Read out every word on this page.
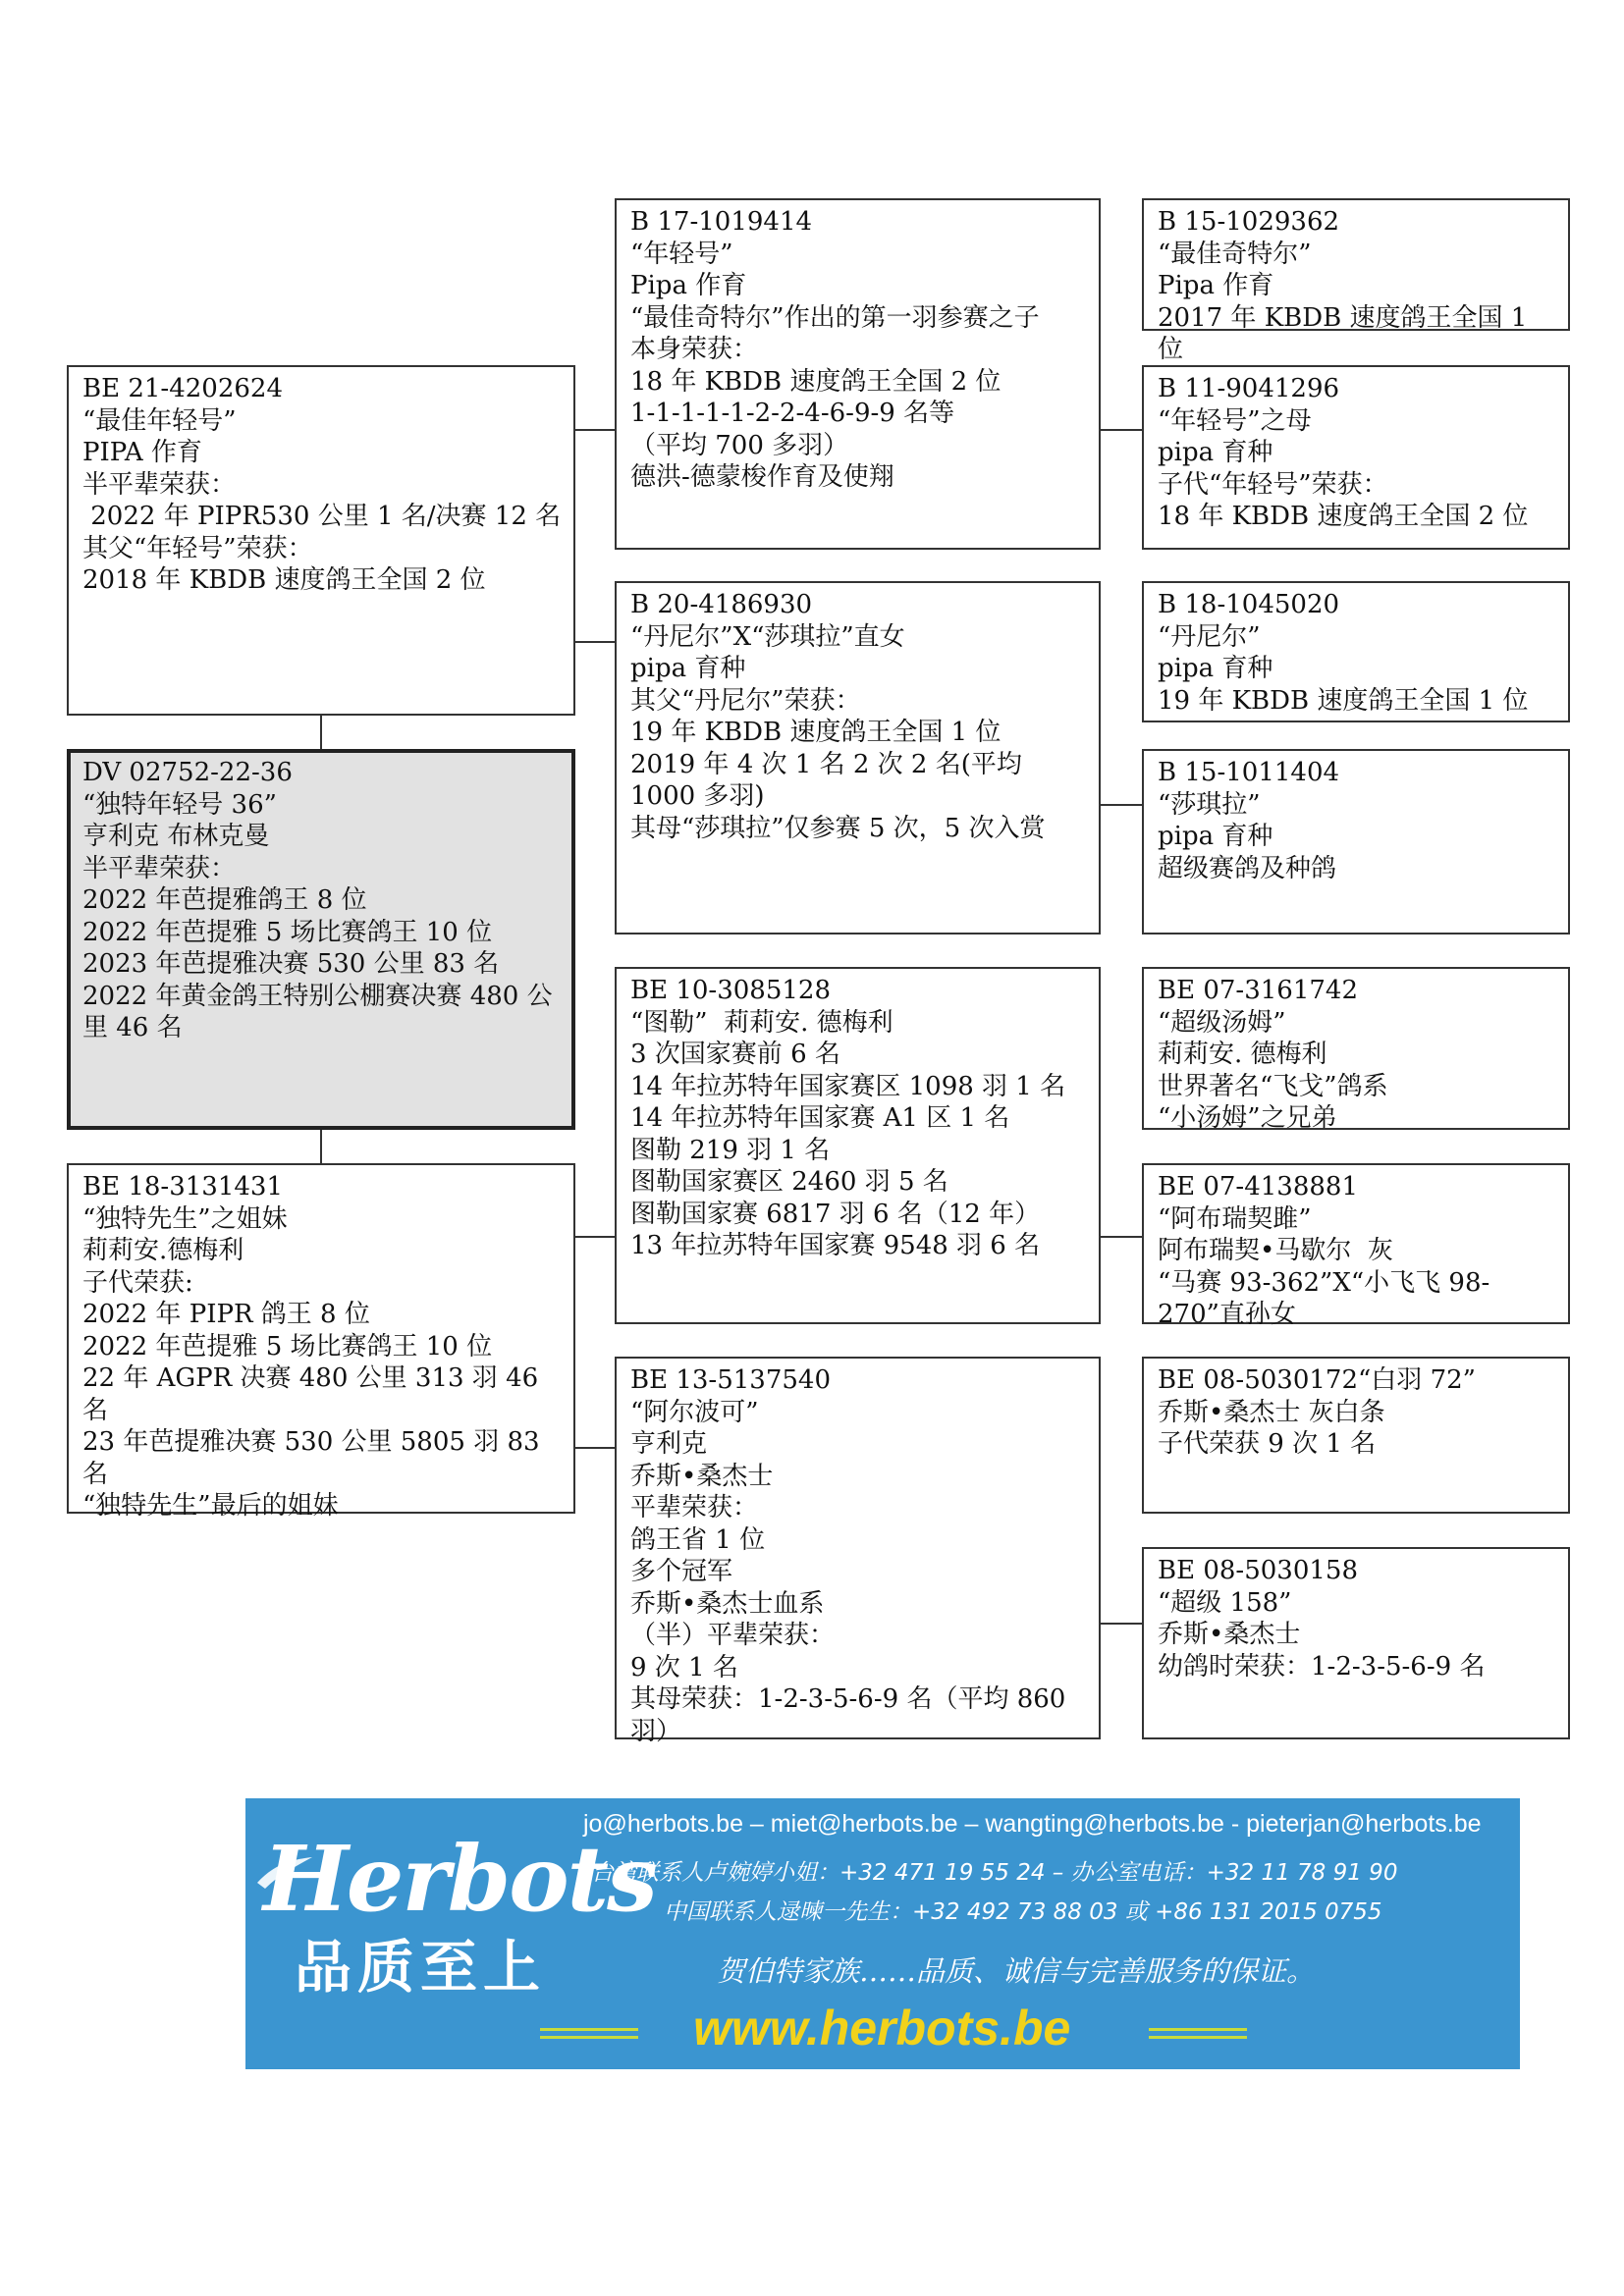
BE 21-4202624
“最佳年轻号”
PIPA 作育
半平辈荣获：
2022 年 PIPR530 公里 1 名/决赛 12 名
其父“年轻号”荣获：
2018 年 KBDB 速度鸽王全国 2 位
DV 02752-22-36
“独特年轻号 36”
亨利克 布林克曼
半平辈荣获：
2022 年芭提雅鸽王 8 位
2022 年芭提雅 5 场比赛鸽王 10 位
2023 年芭提雅决赛 530 公里 83 名
2022 年黄金鸽王特别公棚赛决赛 480 公里 46 名
BE 18-3131431
“独特先生”之姐妹
莉莉安.德梅利
子代荣获:
2022 年 PIPR 鸽王 8 位
2022 年芭提雅 5 场比赛鸽王 10 位
22 年 AGPR 决赛 480 公里 313 羽 46 名
23 年芭提雅决赛 530 公里 5805 羽 83 名
“独特先生”最后的姐妹
B 17-1019414
“年轻号”
Pipa 作育
“最佳奇特尔”作出的第一羽参赛之子
本身荣获：
18 年 KBDB 速度鸽王全国 2 位
1-1-1-1-1-2-2-4-6-9-9 名等
（平均 700 多羽）
德洪-德蒙梭作育及使翔
B 20-4186930
“丹尼尔”X“莎琪拉”直女
pipa 育种
其父“丹尼尔”荣获：
19 年 KBDB 速度鸽王全国 1 位
2019 年 4 次 1 名 2 次 2 名(平均 1000 多羽)
其母“莎琪拉”仅参赛 5 次，5 次入赏
BE 10-3085128
“图勒”  莉莉安. 德梅利
3 次国家赛前 6 名
14 年拉苏特年国家赛区 1098 羽 1 名
14 年拉苏特年国家赛 A1 区 1 名
图勒 219 羽 1 名
图勒国家赛区 2460 羽 5 名
图勒国家赛 6817 羽 6 名（12 年）
13 年拉苏特年国家赛 9548 羽 6 名
BE 13-5137540
“阿尔波可”
亨利克
乔斯•桑杰士
平辈荣获：
鸽王省 1 位
多个冠军
乔斯•桑杰士血系
（半）平辈荣获：
9 次 1 名
其母荣获：1-2-3-5-6-9 名（平均 860 羽）
B 15-1029362
“最佳奇特尔”
Pipa 作育
2017 年 KBDB 速度鸽王全国 1 位
B 11-9041296
“年轻号”之母
pipa 育种
子代“年轻号”荣获：
18 年 KBDB 速度鸽王全国 2 位
B 18-1045020
“丹尼尔”
pipa 育种
19 年 KBDB 速度鸽王全国 1 位
B 15-1011404
“莎琪拉”
pipa 育种
超级赛鸽及种鸽
BE 07-3161742
“超级汤姆”
莉莉安. 德梅利
世界著名“飞戈”鸽系
“小汤姆”之兄弟
BE 07-4138881
“阿布瑞契雎”
阿布瑞契•马歇尔  灰
“马赛 93-362”X“小飞飞 98-270”直孙女
BE 08-5030172“白羽 72”
乔斯•桑杰士 灰白条
子代荣获 9 次 1 名
BE 08-5030158
“超级 158”
乔斯•桑杰士
幼鸽时荣获：1-2-3-5-6-9 名
Herbots
品质至上
jo@herbots.be – miet@herbots.be – wangting@herbots.be - pieterjan@herbots.be
台湾联系人卢婉婷小姐：+32 471 19 55 24 – 办公室电话：+32 11 78 91 90
中国联系人逯暕一先生：+32 492 73 88 03 或 +86 131 2015 0755
贺伯特家族……品质、诚信与完善服务的保证。
www.herbots.be
